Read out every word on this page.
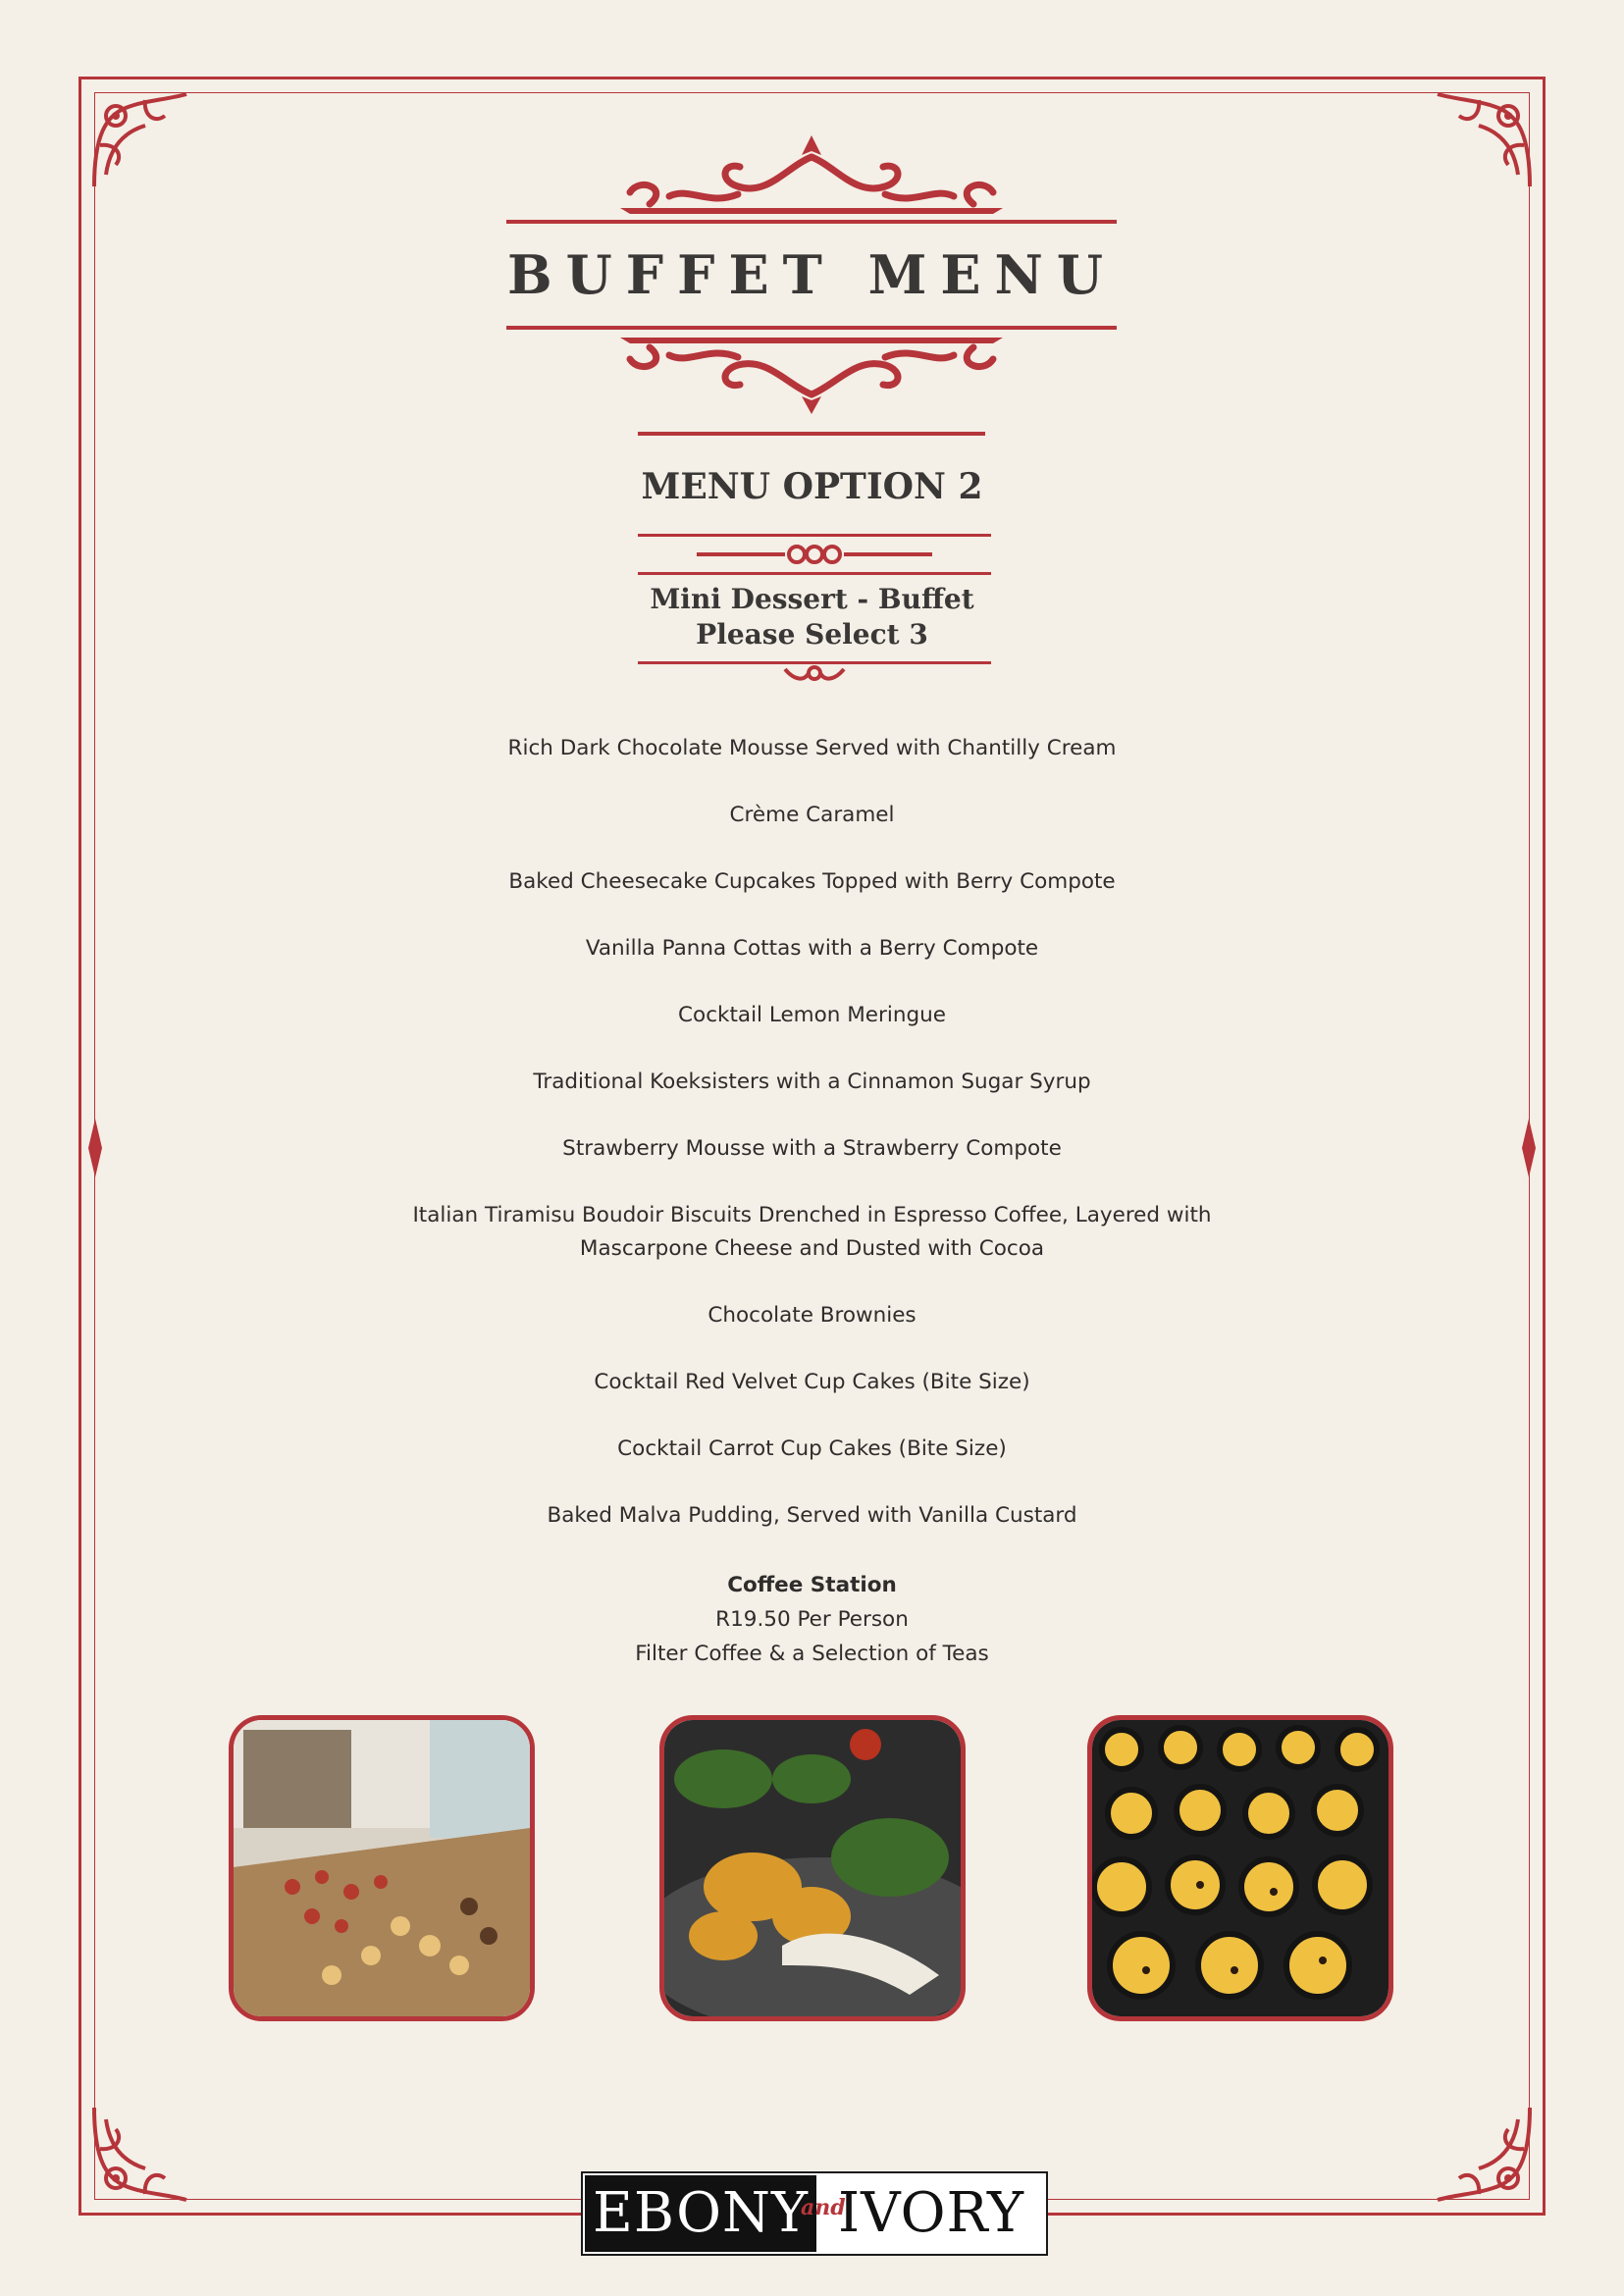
BUFFET MENU
MENU OPTION 2
Mini Dessert - Buffet
Please Select 3
Rich Dark Chocolate Mousse Served with Chantilly Cream
Crème Caramel
Baked Cheesecake Cupcakes Topped with Berry Compote
Vanilla Panna Cottas with a Berry Compote
Cocktail Lemon Meringue
Traditional Koeksisters with a Cinnamon Sugar Syrup
Strawberry Mousse with a Strawberry Compote
Italian Tiramisu Boudoir Biscuits Drenched in Espresso Coffee, Layered with Mascarpone Cheese and Dusted with Cocoa
Chocolate Brownies
Cocktail Red Velvet Cup Cakes (Bite Size)
Cocktail Carrot Cup Cakes (Bite Size)
Baked Malva Pudding, Served with Vanilla Custard
Coffee Station
R19.50 Per Person
Filter Coffee & a Selection of Teas
EBONY IVORY
and
